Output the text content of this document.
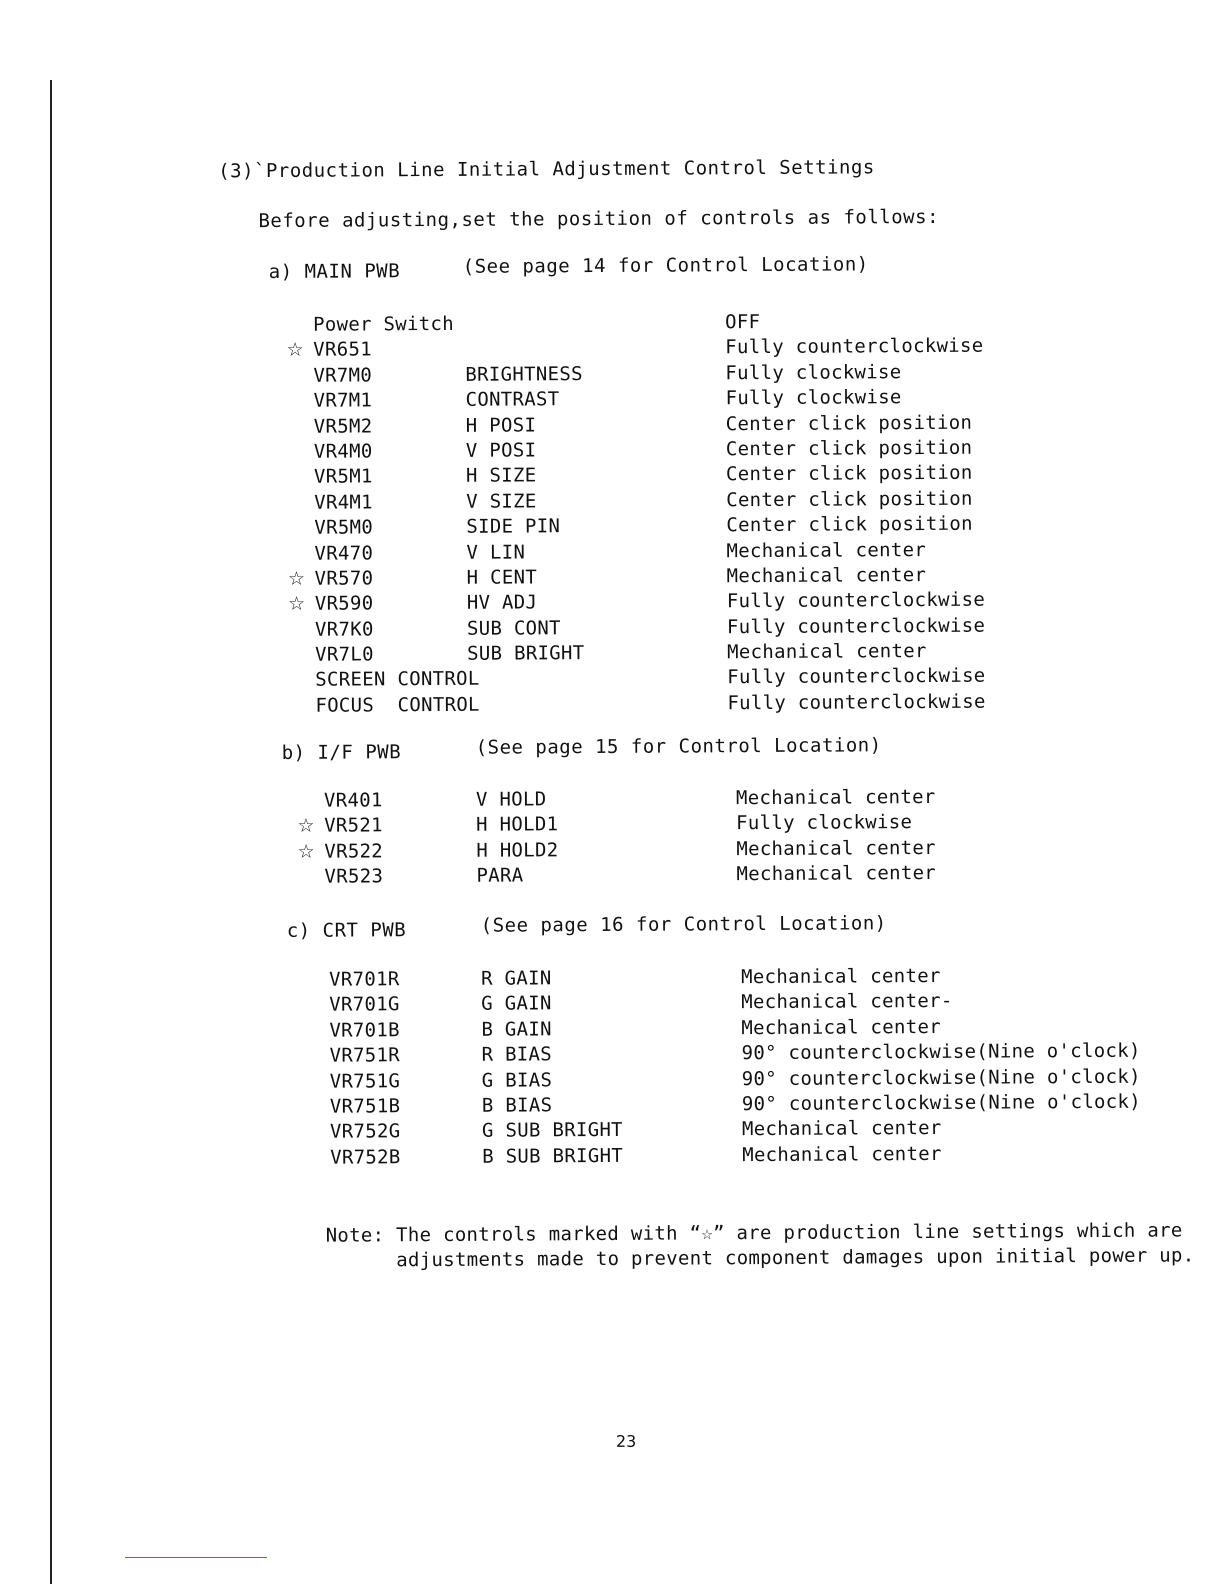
(3)`Production Line Initial Adjustment Control Settings
Before adjusting,set the position of controls as follows:
a) MAIN PWB	(See page 14 for Control Location)
Power Switch	OFF
☆ VR651	Fully counterclockwise
VR7M0	BRIGHTNESS	Fully clockwise
VR7M1	CONTRAST	Fully clockwise
VR5M2	H POSI	Center click position
VR4M0	V POSI	Center click position
VR5M1	H SIZE	Center click position
VR4M1	V SIZE	Center click position
VR5M0	SIDE PIN	Center click position
VR470	V LIN	Mechanical center
☆ VR570	H CENT	Mechanical center
☆ VR590	HV ADJ	Fully counterclockwise
VR7K0	SUB CONT	Fully counterclockwise
VR7L0	SUB BRIGHT	Mechanical center
SCREEN CONTROL	Fully counterclockwise
FOCUS  CONTROL	Fully counterclockwise
b) I/F PWB	(See page 15 for Control Location)
VR401	V HOLD	Mechanical center
☆ VR521	H HOLD1	Fully clockwise
☆ VR522	H HOLD2	Mechanical center
VR523	PARA	Mechanical center
c) CRT PWB	(See page 16 for Control Location)
VR701R	R GAIN	Mechanical center
VR701G	G GAIN	Mechanical center-
VR701B	B GAIN	Mechanical center
VR751R	R BIAS	90° counterclockwise(Nine o'clock)
VR751G	G BIAS	90° counterclockwise(Nine o'clock)
VR751B	B BIAS	90° counterclockwise(Nine o'clock)
VR752G	G SUB BRIGHT	Mechanical center
VR752B	B SUB BRIGHT	Mechanical center
Note: The controls marked with “☆” are production line settings which are
adjustments made to prevent component damages upon initial power up.
23
